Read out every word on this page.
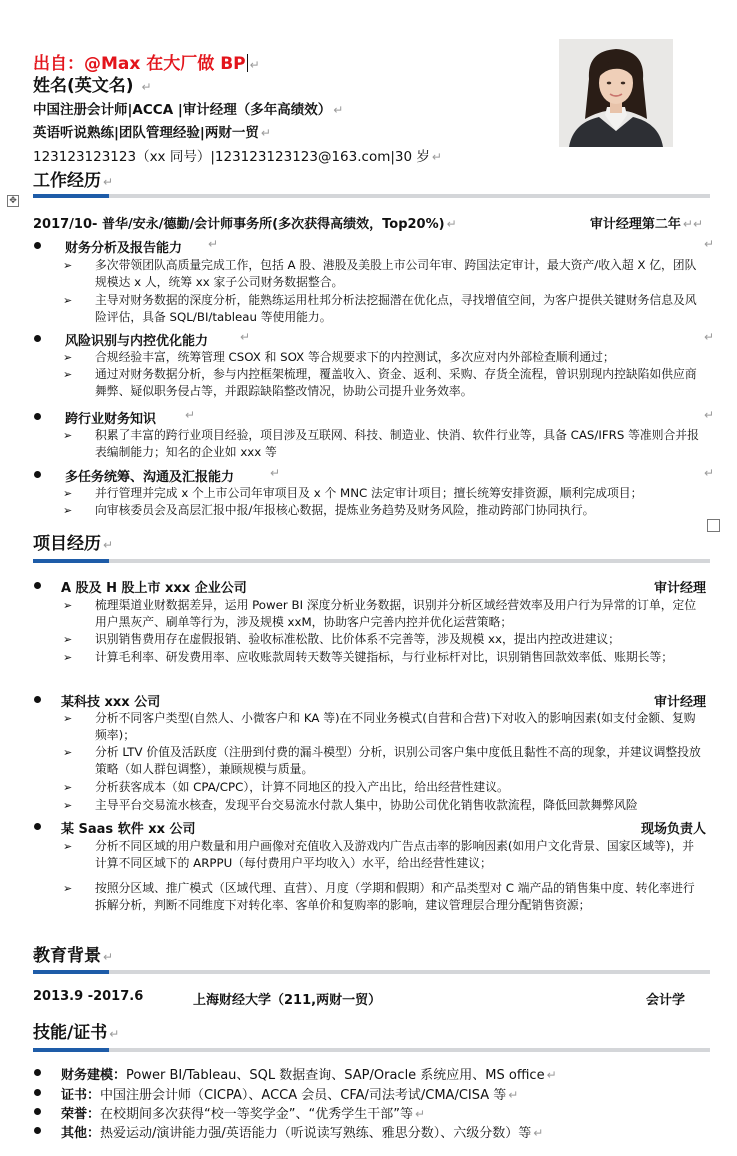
出自：@Max 在大厂做 BP ↵
姓名(英文名) ↵
中国注册会计师|ACCA |审计经理（多年高绩效） ↵
英语听说熟练|团队管理经验|两财一贸 ↵
123123123123（xx 同号）|123123123123@163.com|30 岁 ↵
工作经历 ↵
✥
2017/10- 普华/安永/德勤/会计师事务所(多次获得高绩效，Top20%) ↵	审计经理第二年 ↵↵
财务分析及报告能力 ↵	↵
➢ 多次带领团队高质量完成工作，包括 A 股、港股及美股上市公司年审、跨国法定审计，最大资产/收入超 X 亿，团队规模达 x 人，统筹 xx 家子公司财务数据整合。
➢ 主导对财务数据的深度分析，能熟练运用杜邦分析法挖掘潜在优化点，寻找增值空间，为客户提供关键财务信息及风险评估，具备 SQL/BI/tableau 等使用能力。
风险识别与内控优化能力	↵	↵
➢ 合规经验丰富，统筹管理 CSOX 和 SOX 等合规要求下的内控测试，多次应对内外部检查顺利通过；
➢ 通过对财务数据分析，参与内控框架梳理，覆盖收入、资金、返利、采购、存货全流程，曾识别现内控缺陷如供应商舞弊、疑似职务侵占等，并跟踪缺陷整改情况，协助公司提升业务效率。
跨行业财务知识 ↵	↵
➢ 积累了丰富的跨行业项目经验，项目涉及互联网、科技、制造业、快消、软件行业等，具备 CAS/IFRS 等准则合并报表编制能力；知名的企业如 xxx 等
多任务统筹、沟通及汇报能力	↵	↵
➢ 并行管理并完成 x 个上市公司年审项目及 x 个 MNC 法定审计项目；擅长统筹安排资源，顺利完成项目；
➢ 向审核委员会及高层汇报中报/年报核心数据，提炼业务趋势及财务风险，推动跨部门协同执行。
项目经历 ↵
A 股及 H 股上市 xxx 企业公司	审计经理
➢ 梳理渠道业财数据差异，运用 Power BI 深度分析业务数据，识别并分析区域经营效率及用户行为异常的订单，定位用户黑灰产、刷单等行为，涉及规模 xxM，协助客户完善内控并优化运营策略；
➢ 识别销售费用存在虚假报销、验收标准松散、比价体系不完善等，涉及规模 xx，提出内控改进建议；
➢ 计算毛利率、研发费用率、应收账款周转天数等关键指标，与行业标杆对比，识别销售回款效率低、账期长等；
某科技 xxx 公司	审计经理
➢ 分析不同客户类型(自然人、小微客户和 KA 等)在不同业务模式(自营和合营)下对收入的影响因素(如支付金额、复购频率)；
➢ 分析 LTV 价值及活跃度（注册到付费的漏斗模型）分析，识别公司客户集中度低且黏性不高的现象，并建议调整投放策略（如人群包调整），兼顾规模与质量。
➢ 分析获客成本（如 CPA/CPC），计算不同地区的投入产出比，给出经营性建议。
➢ 主导平台交易流水核查，发现平台交易流水付款人集中，协助公司优化销售收款流程，降低回款舞弊风险
某 Saas 软件 xx 公司	现场负责人
➢ 分析不同区域的用户数量和用户画像对充值收入及游戏内广告点击率的影响因素(如用户文化背景、国家区域等)，并计算不同区域下的 ARPPU（每付费用户平均收入）水平，给出经营性建议；
➢ 按照分区域、推广模式（区域代理、直营）、月度（学期和假期）和产品类型对 C 端产品的销售集中度、转化率进行拆解分析，判断不同维度下对转化率、客单价和复购率的影响，建议管理层合理分配销售资源；
教育背景 ↵
2013.9 -2017.6	上海财经大学（211,两财一贸）	会计学
技能/证书 ↵
财务建模：Power BI/Tableau、SQL 数据查询、SAP/Oracle 系统应用、MS office ↵
证书：中国注册会计师（CICPA）、ACCA 会员、CFA/司法考试/CMA/CISA 等 ↵
荣誉：在校期间多次获得“校一等奖学金”、“优秀学生干部”等 ↵
其他：热爱运动/演讲能力强/英语能力（听说读写熟练、雅思分数）、六级分数）等 ↵
